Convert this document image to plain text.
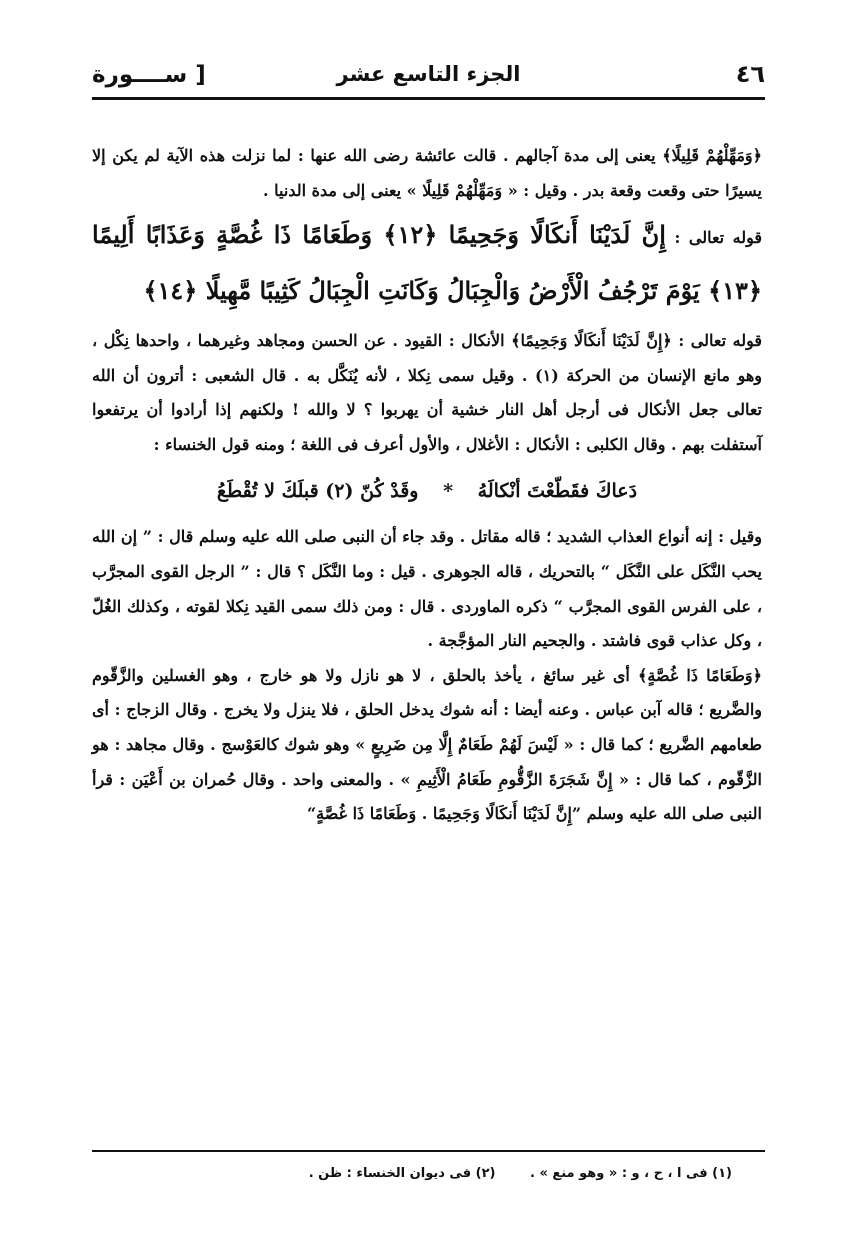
[ ســــورة	الجزء التاسع عشر	٤٦

﴿وَمَهِّلْهُمْ قَلِيلًا﴾ يعنى إلى مدة آجالهم . قالت عائشة رضى الله عنها : لما نزلت هذه الآية لم يكن إلا يسيرًا حتى وقعت وقعة بدر . وقيل : « وَمَهِّلْهُمْ قَلِيلًا » يعنى إلى مدة الدنيا .

قوله تعالى : إِنَّ لَدَيْنَا أَنكَالًا وَجَحِيمًا ﴿١٢﴾ وَطَعَامًا ذَا غُصَّةٍ وَعَذَابًا أَلِيمًا ﴿١٣﴾ يَوْمَ تَرْجُفُ الْأَرْضُ وَالْجِبَالُ وَكَانَتِ الْجِبَالُ كَثِيبًا مَّهِيلًا ﴿١٤﴾

قوله تعالى : ﴿إِنَّ لَدَيْنَا أَنكَالًا وَجَحِيمًا﴾ الأنكال : القيود . عن الحسن ومجاهد وغيرهما ، واحدها نِكْل ، وهو مانع الإنسان من الحركة (١) . وقيل سمى نِكلا ، لأنه يُنَكَّل به . قال الشعبى : أترون أن الله تعالى جعل الأنكال فى أرجل أهل النار خشية أن يهربوا ؟ لا والله ! ولكنهم إذا أرادوا أن يرتفعوا آستفلت بهم . وقال الكلبى : الأنكال : الأغلال ، والأول أعرف فى اللغة ؛ ومنه قول الخنساء :

دَعاكَ فقَطّعْتَ أنْكالَهُ * وقَدْ كُنّ (٢) قبلَكَ لا تُقْطَعُ

وقيل : إنه أنواع العذاب الشديد ؛ قاله مقاتل . وقد جاء أن النبى صلى الله عليه وسلم قال : ” إن الله يحب النَّكَل على النَّكَل “ بالتحريك ، قاله الجوهرى . قيل : وما النَّكَل ؟ قال : ” الرجل القوى المجرَّب ، على الفرس القوى المجرَّب “ ذكره الماوردى . قال : ومن ذلك سمى القيد نِكلا لقوته ، وكذلك الغُلّ ، وكل عذاب قوى فاشتد . والجحيم النار المؤجَّجة .

﴿وَطَعَامًا ذَا غُصَّةٍ﴾ أى غير سائغ ، يأخذ بالحلق ، لا هو نازل ولا هو خارج ، وهو الغسلين والزَّقّوم والضَّريع ؛ قاله آبن عباس . وعنه أيضا : أنه شوك يدخل الحلق ، فلا ينزل ولا يخرج . وقال الزجاج : أى طعامهم الضَّريع ؛ كما قال : « لَيْسَ لَهُمْ طَعَامٌ إِلَّا مِن ضَرِيعٍ » وهو شوك كالعَوْسج . وقال مجاهد : هو الزَّقّوم ، كما قال : « إِنَّ شَجَرَةَ الزَّقُّومِ طَعَامُ الْأَثِيمِ » . والمعنى واحد . وقال حُمران بن أَعْيَن : قرأ النبى صلى الله عليه وسلم ”إِنَّ لَدَيْنَا أَنكَالًا وَجَحِيمًا . وَطَعَامًا ذَا غُصَّةٍ“

(١) فى ا ، ح ، و : « وهو منع » . (٢) فى ديوان الخنساء : ظن .
